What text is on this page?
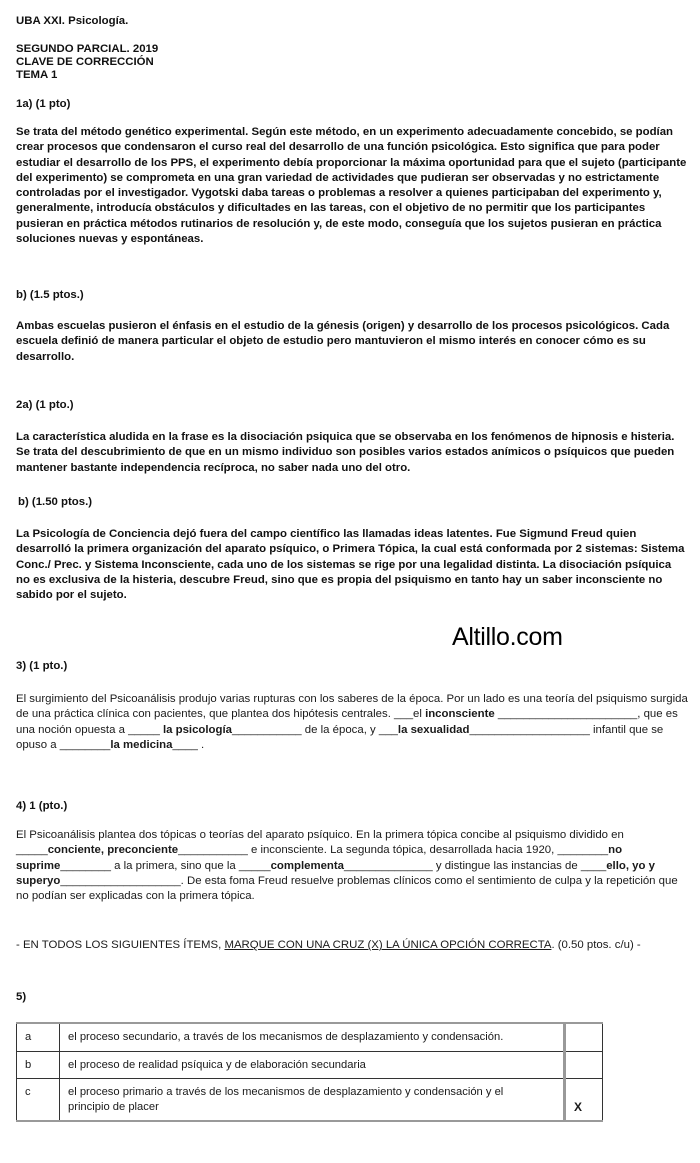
UBA XXI. Psicología.
SEGUNDO PARCIAL. 2019
CLAVE DE CORRECCIÓN
TEMA 1
1a) (1 pto)
Se trata del método genético experimental. Según este método, en un experimento adecuadamente concebido, se podían crear procesos que condensaron el curso real del desarrollo de una función psicológica. Esto significa que para poder estudiar el desarrollo de los PPS, el experimento debía proporcionar la máxima oportunidad para que el sujeto (participante del experimento) se comprometa en una gran variedad de actividades que pudieran ser observadas y no estrictamente controladas por el investigador. Vygotski daba tareas o problemas a resolver a quienes participaban del experimento y, generalmente, introducía obstáculos y dificultades en las tareas, con el objetivo de no permitir que los participantes pusieran en práctica métodos rutinarios de resolución y, de este modo, conseguía que los sujetos pusieran en práctica soluciones nuevas y espontáneas.
b) (1.5 ptos.)
Ambas escuelas pusieron el énfasis en el estudio de la génesis (origen) y desarrollo de los procesos psicológicos. Cada escuela definió de manera particular el objeto de estudio pero mantuvieron el mismo interés en conocer cómo es su desarrollo.
2a) (1 pto.)
La característica aludida en la frase es la disociación psiquica que se observaba en los fenómenos de hipnosis e histeria. Se trata del descubrimiento de que en un mismo individuo son posibles varios estados anímicos o psíquicos que pueden mantener bastante independencia recíproca, no saber nada uno del otro.
b) (1.50 ptos.)
La Psicología de Conciencia dejó fuera del campo científico las llamadas ideas latentes. Fue Sigmund Freud quien desarrolló la primera organización del aparato psíquico, o Primera Tópica, la cual está conformada por 2 sistemas: Sistema Conc./ Prec. y Sistema Inconsciente, cada uno de los sistemas se rige por una legalidad distinta. La disociación psíquica no es exclusiva de la histeria, descubre Freud, sino que es propia del psiquismo en tanto hay un saber inconsciente no sabido por el sujeto.
Altillo.com
3) (1 pto.)
El surgimiento del Psicoanálisis produjo varias rupturas con los saberes de la época. Por un lado es una teoría del psiquismo surgida de una práctica clínica con pacientes, que plantea dos hipótesis centrales. ___el inconsciente ______________________, que es una noción opuesta a _____ la psicología___________ de la época, y ___la sexualidad___________________ infantil que se opuso a ________la medicina____ .
4) 1 (pto.)
El Psicoanálisis plantea dos tópicas o teorías del aparato psíquico. En la primera tópica concibe al psiquismo dividido en _____conciente, preconciente___________ e inconsciente. La segunda tópica, desarrollada hacia 1920, ________no suprime________ a la primera, sino que la _____complementa______________ y distingue las instancias de ____ello, yo y superyo___________________. De esta foma Freud resuelve problemas clínicos como el sentimiento de culpa y la repetición que no podían ser explicadas con la primera tópica.
- EN TODOS LOS SIGUIENTES ÍTEMS, MARQUE CON UNA CRUZ (X) LA ÚNICA OPCIÓN CORRECTA. (0.50 ptos. c/u) -
5)
a	el proceso secundario, a través de los mecanismos de desplazamiento y condensación.	
b	el proceso de realidad psíquica y de elaboración secundaria	
c	el proceso primario a través de los mecanismos de desplazamiento y condensación y el principio de placer	X
